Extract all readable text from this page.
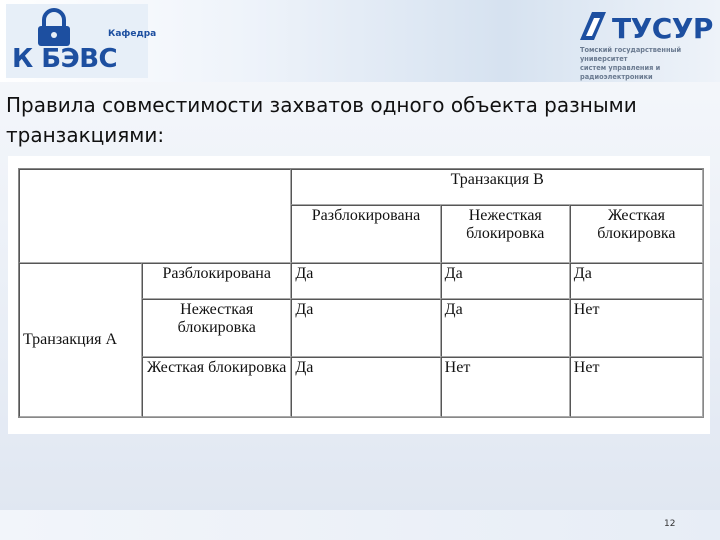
Кафедра
К БЭВС
ТУСУР
Томский государственный университет
систем управления и радиоэлектроники
Правила совместимости захватов одного объекта разными транзакциями:
		Транзакция В		
		Разблокирована	Нежесткая блокировка	Жесткая блокировка
Транзакция А	Разблокирована	Да	Да	Да
	Нежесткая блокировка	Да	Да	Нет
	Жесткая блокировка	Да	Нет	Нет
12
